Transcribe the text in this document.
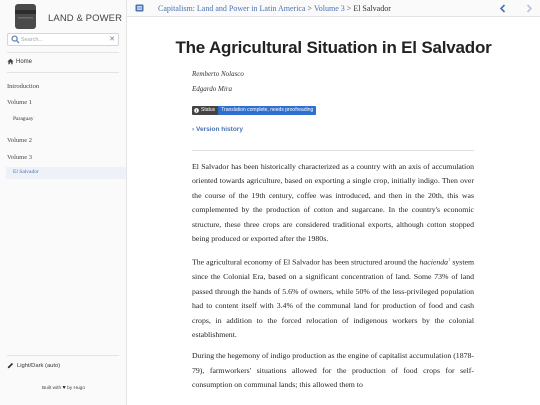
LAND & POWER
Search...
✕
Home
Introduction
Volume 1
Paraguay
Volume 2
Volume 3
El Salvador
Light/Dark (auto)
Built with ♥ by Hugo
Capitalism: Land and Power in Latin America > Volume 3 > El Salvador
The Agricultural Situation in El Salvador
Remberto Nolasco
Edgardo Mira
Status	Translation complete, needs proofreading
› Version history

El Salvador has been historically characterized as a country with an axis of accumulation oriented towards agriculture, based on exporting a single crop, initially indigo. Then over the course of the 19th century, coffee was introduced, and then in the 20th, this was complemented by the production of cotton and sugarcane. In the country's economic structure, these three crops are considered traditional exports, although cotton stopped being produced or exported after the 1980s.

The agricultural economy of El Salvador has been structured around the hacienda$^1$ system since the Colonial Era, based on a significant concentration of land. Some 73% of land passed through the hands of 5.6% of owners, while 50% of the less-privileged population had to content itself with 3.4% of the communal land for production of food and cash crops, in addition to the forced relocation of indigenous workers by the colonial establishment.

During the hegemony of indigo production as the engine of capitalist accumulation (1878-79), farmworkers' situations allowed for the production of food crops for self-consumption on communal lands; this allowed them to
